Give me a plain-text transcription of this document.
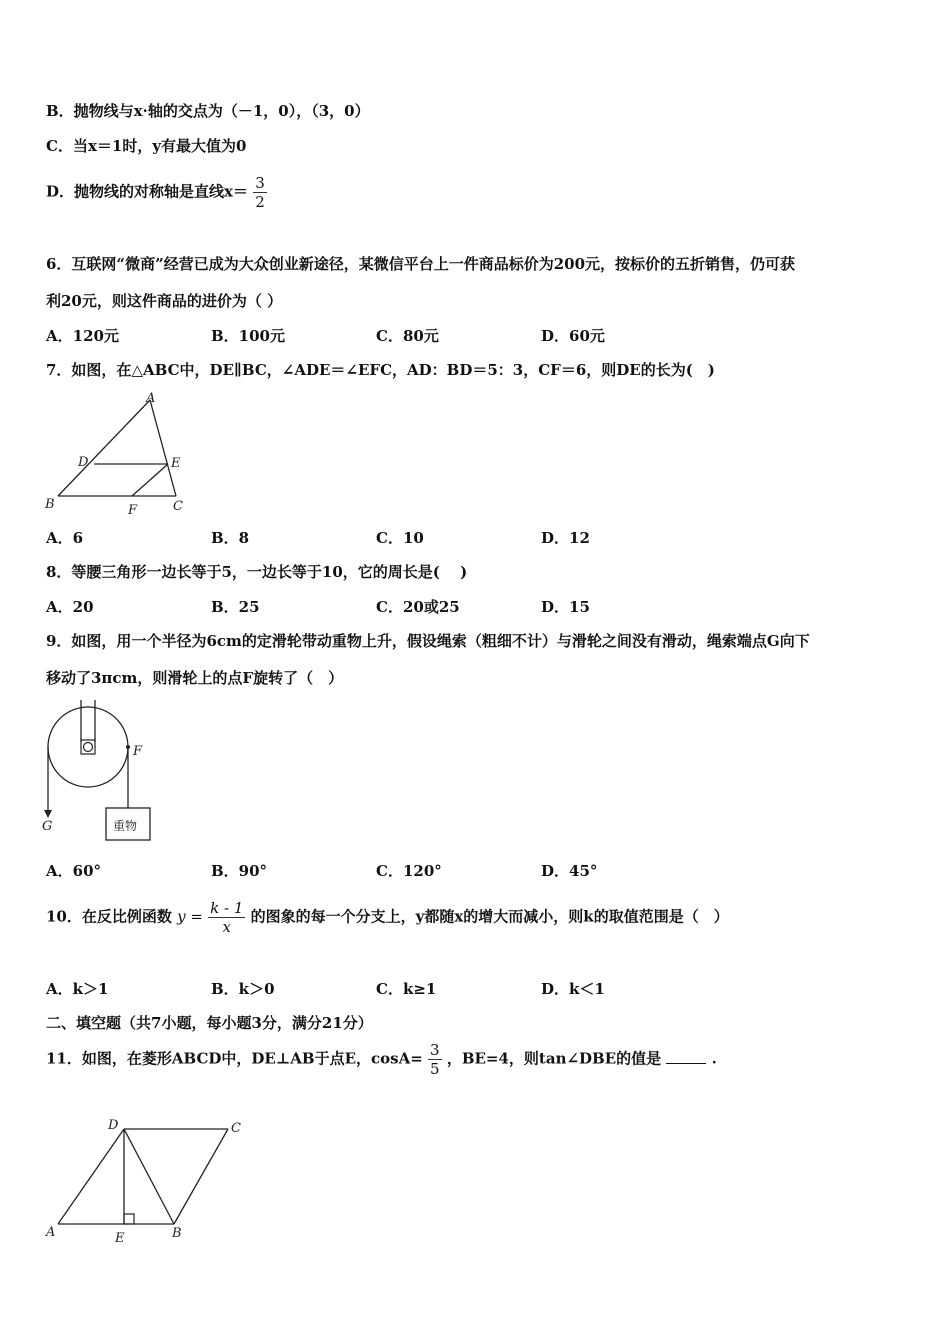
B．抛物线与x·轴的交点为（－1，0），（3，0）
C．当x＝1时，y有最大值为0
D．抛物线的对称轴是直线$x= \frac{3}{2}$
6．互联网“微商”经营已成为大众创业新途径，某微信平台上一件商品标价为200元，按标价的五折销售，仍可获
利20元，则这件商品的进价为（ ）
A．120元	B．100元	C．80元	D．60元
7．如图，在△ABC中，DE∥BC，∠ADE＝∠EFC，AD：BD＝5：3，CF＝6，则DE的长为(　)
A
B	C
D	E
F
A．6	B．8	C．10	D．12
8．等腰三角形一边长等于5，一边长等于10，它的周长是(　 )
A．20	B．25	C．20或25	D．15
9．如图，用一个半径为6cm的定滑轮带动重物上升，假设绳索（粗细不计）与滑轮之间没有滑动，绳索端点G向下
移动了3πcm，则滑轮上的点F旋转了（　）
重物
F
G
A．60°	B．90°	C．120°	D．45°
10．在反比例函数 $y = \frac{k - 1}{x}$ 的图象的每一个分支上，y都随x的增大而减小，则k的取值范围是（　）
A．k＞1	B．k＞0	C．k≥1	D．k＜1
二、填空题（共7小题，每小题3分，满分21分）
11．如图，在菱形ABCD中，DE⊥AB于点E，$\cos A= \frac{3}{5}$ ，BE=4，则tan∠DBE的值是	.
A	B
C
D
E
